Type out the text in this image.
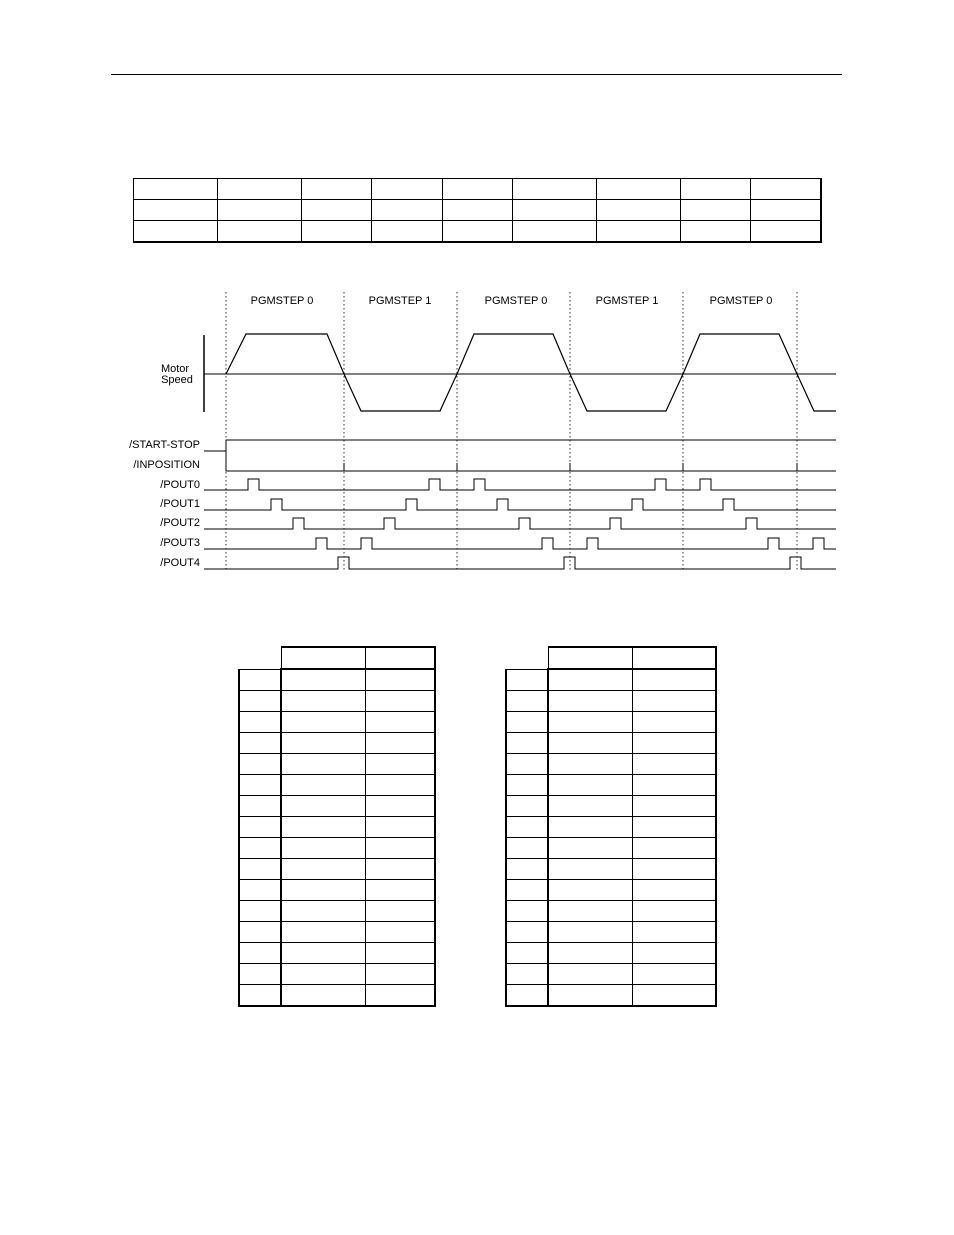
PGMSTEP 0	PGMSTEP 1	PGMSTEP 0	PGMSTEP 1	PGMSTEP 0
Motor
Speed
/START-STOP
/INPOSITION
/POUT0
/POUT1
/POUT2
/POUT3
/POUT4
